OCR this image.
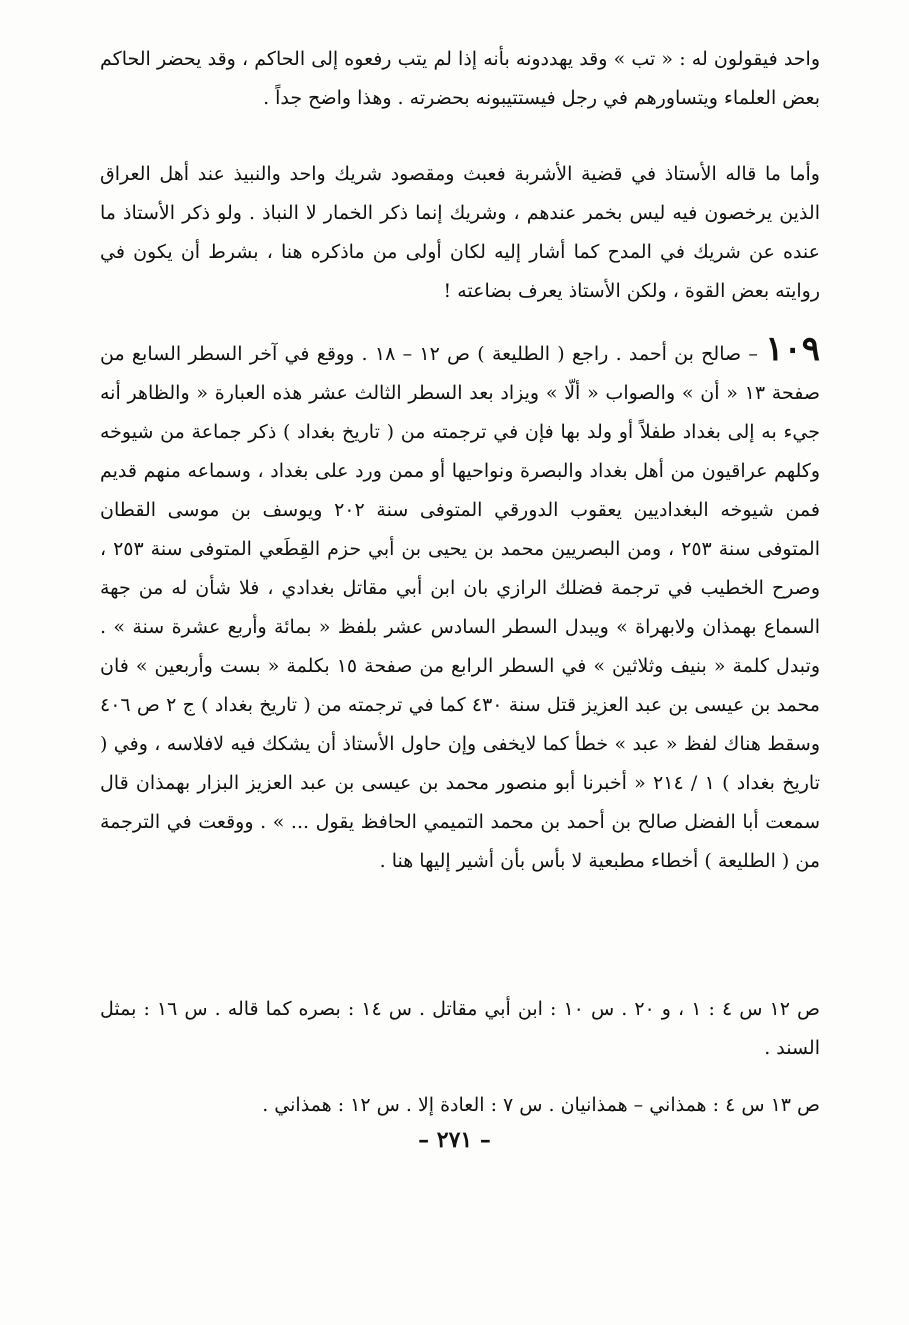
واحد فيقولون له : « تب » وقد يهددونه بأنه إذا لم يتب رفعوه إلى الحاكم ، وقد يحضر الحاكم بعض العلماء ويتساورهم في رجل فيستتيبونه بحضرته . وهذا واضح جداً .

وأما ما قاله الأستاذ في قضية الأشربة فعبث ومقصود شريك واحد والنبيذ عند أهل العراق الذين يرخصون فيه ليس بخمر عندهم ، وشريك إنما ذكر الخمار لا النباذ . ولو ذكر الأستاذ ما عنده عن شريك في المدح كما أشار إليه لكان أولى من ماذكره هنا ، بشرط أن يكون في روايته بعض القوة ، ولكن الأستاذ يعرف بضاعته !

١٠٩ – صالح بن أحمد . راجع ( الطليعة ) ص ١٢ – ١٨ . ووقع في آخر السطر السابع من صفحة ١٣ « أن » والصواب « ألّا » ويزاد بعد السطر الثالث عشر هذه العبارة « والظاهر أنه جيء به إلى بغداد طفلاً أو ولد بها فإن في ترجمته من ( تاريخ بغداد ) ذكر جماعة من شيوخه وكلهم عراقيون من أهل بغداد والبصرة ونواحيها أو ممن ورد على بغداد ، وسماعه منهم قديم فمن شيوخه البغداديين يعقوب الدورقي المتوفى سنة ٢٠٢ ويوسف بن موسى القطان المتوفى سنة ٢٥٣ ، ومن البصريين محمد بن يحيى بن أبي حزم القِطَعي المتوفى سنة ٢٥٣ ، وصرح الخطيب في ترجمة فضلك الرازي بان ابن أبي مقاتل بغدادي ، فلا شأن له من جهة السماع بهمذان ولابهراة » ويبدل السطر السادس عشر بلفظ « بمائة وأربع عشرة سنة » . وتبدل كلمة « بنيف وثلاثين » في السطر الرابع من صفحة ١٥ بكلمة « بست وأربعين » فان محمد بن عيسى بن عبد العزيز قتل سنة ٤٣٠ كما في ترجمته من ( تاريخ بغداد ) ج ٢ ص ٤٠٦ وسقط هناك لفظ « عبد » خطأ كما لايخفى وإن حاول الأستاذ أن يشكك فيه لافلاسه ، وفي ( تاريخ بغداد ) ١ / ٢١٤ « أخبرنا أبو منصور محمد بن عيسى بن عبد العزيز البزار بهمذان قال سمعت أبا الفضل صالح بن أحمد بن محمد التميمي الحافظ يقول ... » . ووقعت في الترجمة من ( الطليعة ) أخطاء مطبعية لا بأس بأن أشير إليها هنا .

ص ١٢ س ٤ : ١ ، و ٢٠ . س ١٠ : ابن أبي مقاتل . س ١٤ : بصره كما قاله . س ١٦ : بمثل السند .

ص ١٣ س ٤ : همذاني – همذانيان . س ٧ : العادة إلا . س ١٢ : همذاني .

– ٢٧١ –
